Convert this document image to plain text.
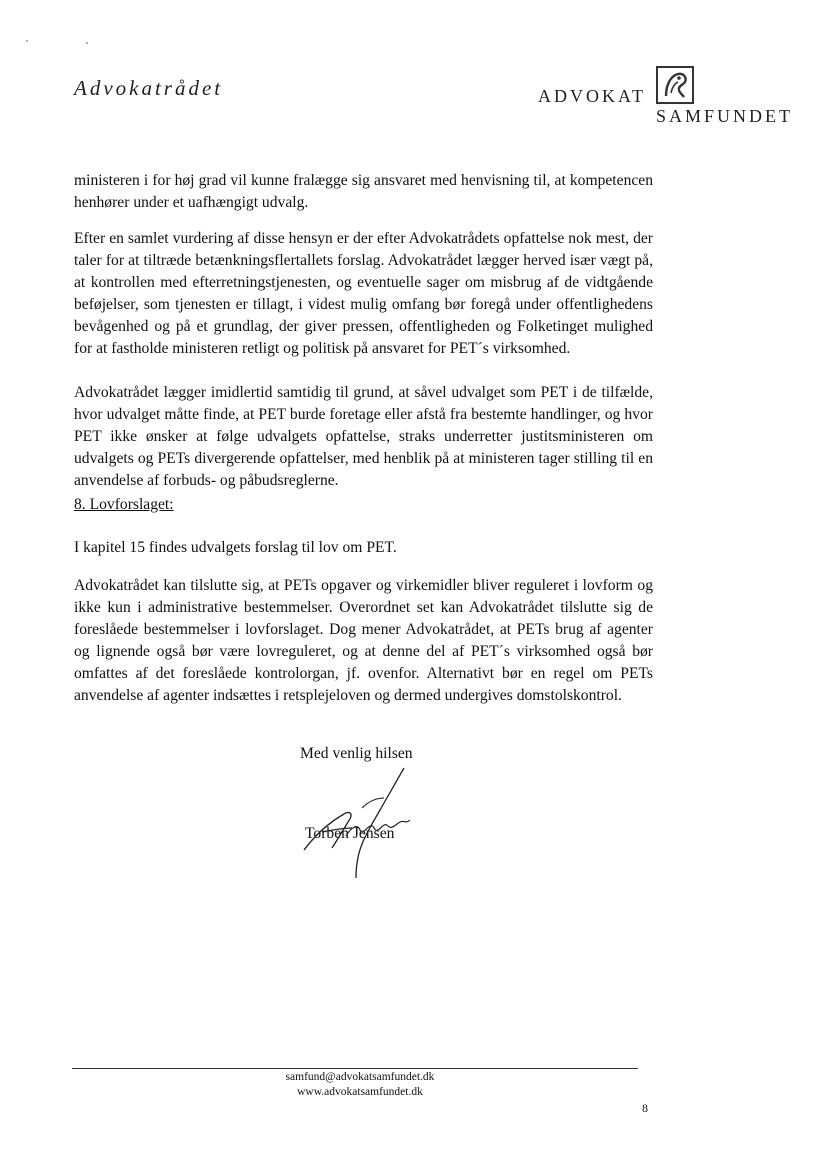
Advokatrådet	ADVOKAT
SAMFUNDET

ministeren i for høj grad vil kunne fralægge sig ansvaret med henvisning til, at kompetencen henhører under et uafhængigt udvalg.

Efter en samlet vurdering af disse hensyn er der efter Advokatrådets opfattelse nok mest, der taler for at tiltræde betænkningsflertallets forslag. Advokatrådet lægger herved især vægt på, at kontrollen med efterretningstjenesten, og eventuelle sager om misbrug af de vidtgående beføjelser, som tjenesten er tillagt, i videst mulig omfang bør foregå under offentlighedens bevågenhed og på et grundlag, der giver pressen, offentligheden og Folketinget mulighed for at fastholde ministeren retligt og politisk på ansvaret for PET´s virksomhed.

Advokatrådet lægger imidlertid samtidig til grund, at såvel udvalget som PET i de tilfælde, hvor udvalget måtte finde, at PET burde foretage eller afstå fra bestemte handlinger, og hvor PET ikke ønsker at følge udvalgets opfattelse, straks underretter justitsministeren om udvalgets og PETs divergerende opfattelser, med henblik på at ministeren tager stilling til en anvendelse af forbuds- og påbudsreglerne.

8. Lovforslaget:

I kapitel 15 findes udvalgets forslag til lov om PET.

Advokatrådet kan tilslutte sig, at PETs opgaver og virkemidler bliver reguleret i lovform og ikke kun i administrative bestemmelser. Overordnet set kan Advokatrådet tilslutte sig de foreslåede bestemmelser i lovforslaget. Dog mener Advokatrådet, at PETs brug af agenter og lignende også bør være lovreguleret, og at denne del af PET´s virksomhed også bør omfattes af det foreslåede kontrolorgan, jf. ovenfor. Alternativt bør en regel om PETs anvendelse af agenter indsættes i retsplejeloven og dermed undergives domstolskontrol.

Med venlig hilsen
Torben Jensen
samfund@advokatsamfundet.dk
www.advokatsamfundet.dk
8
